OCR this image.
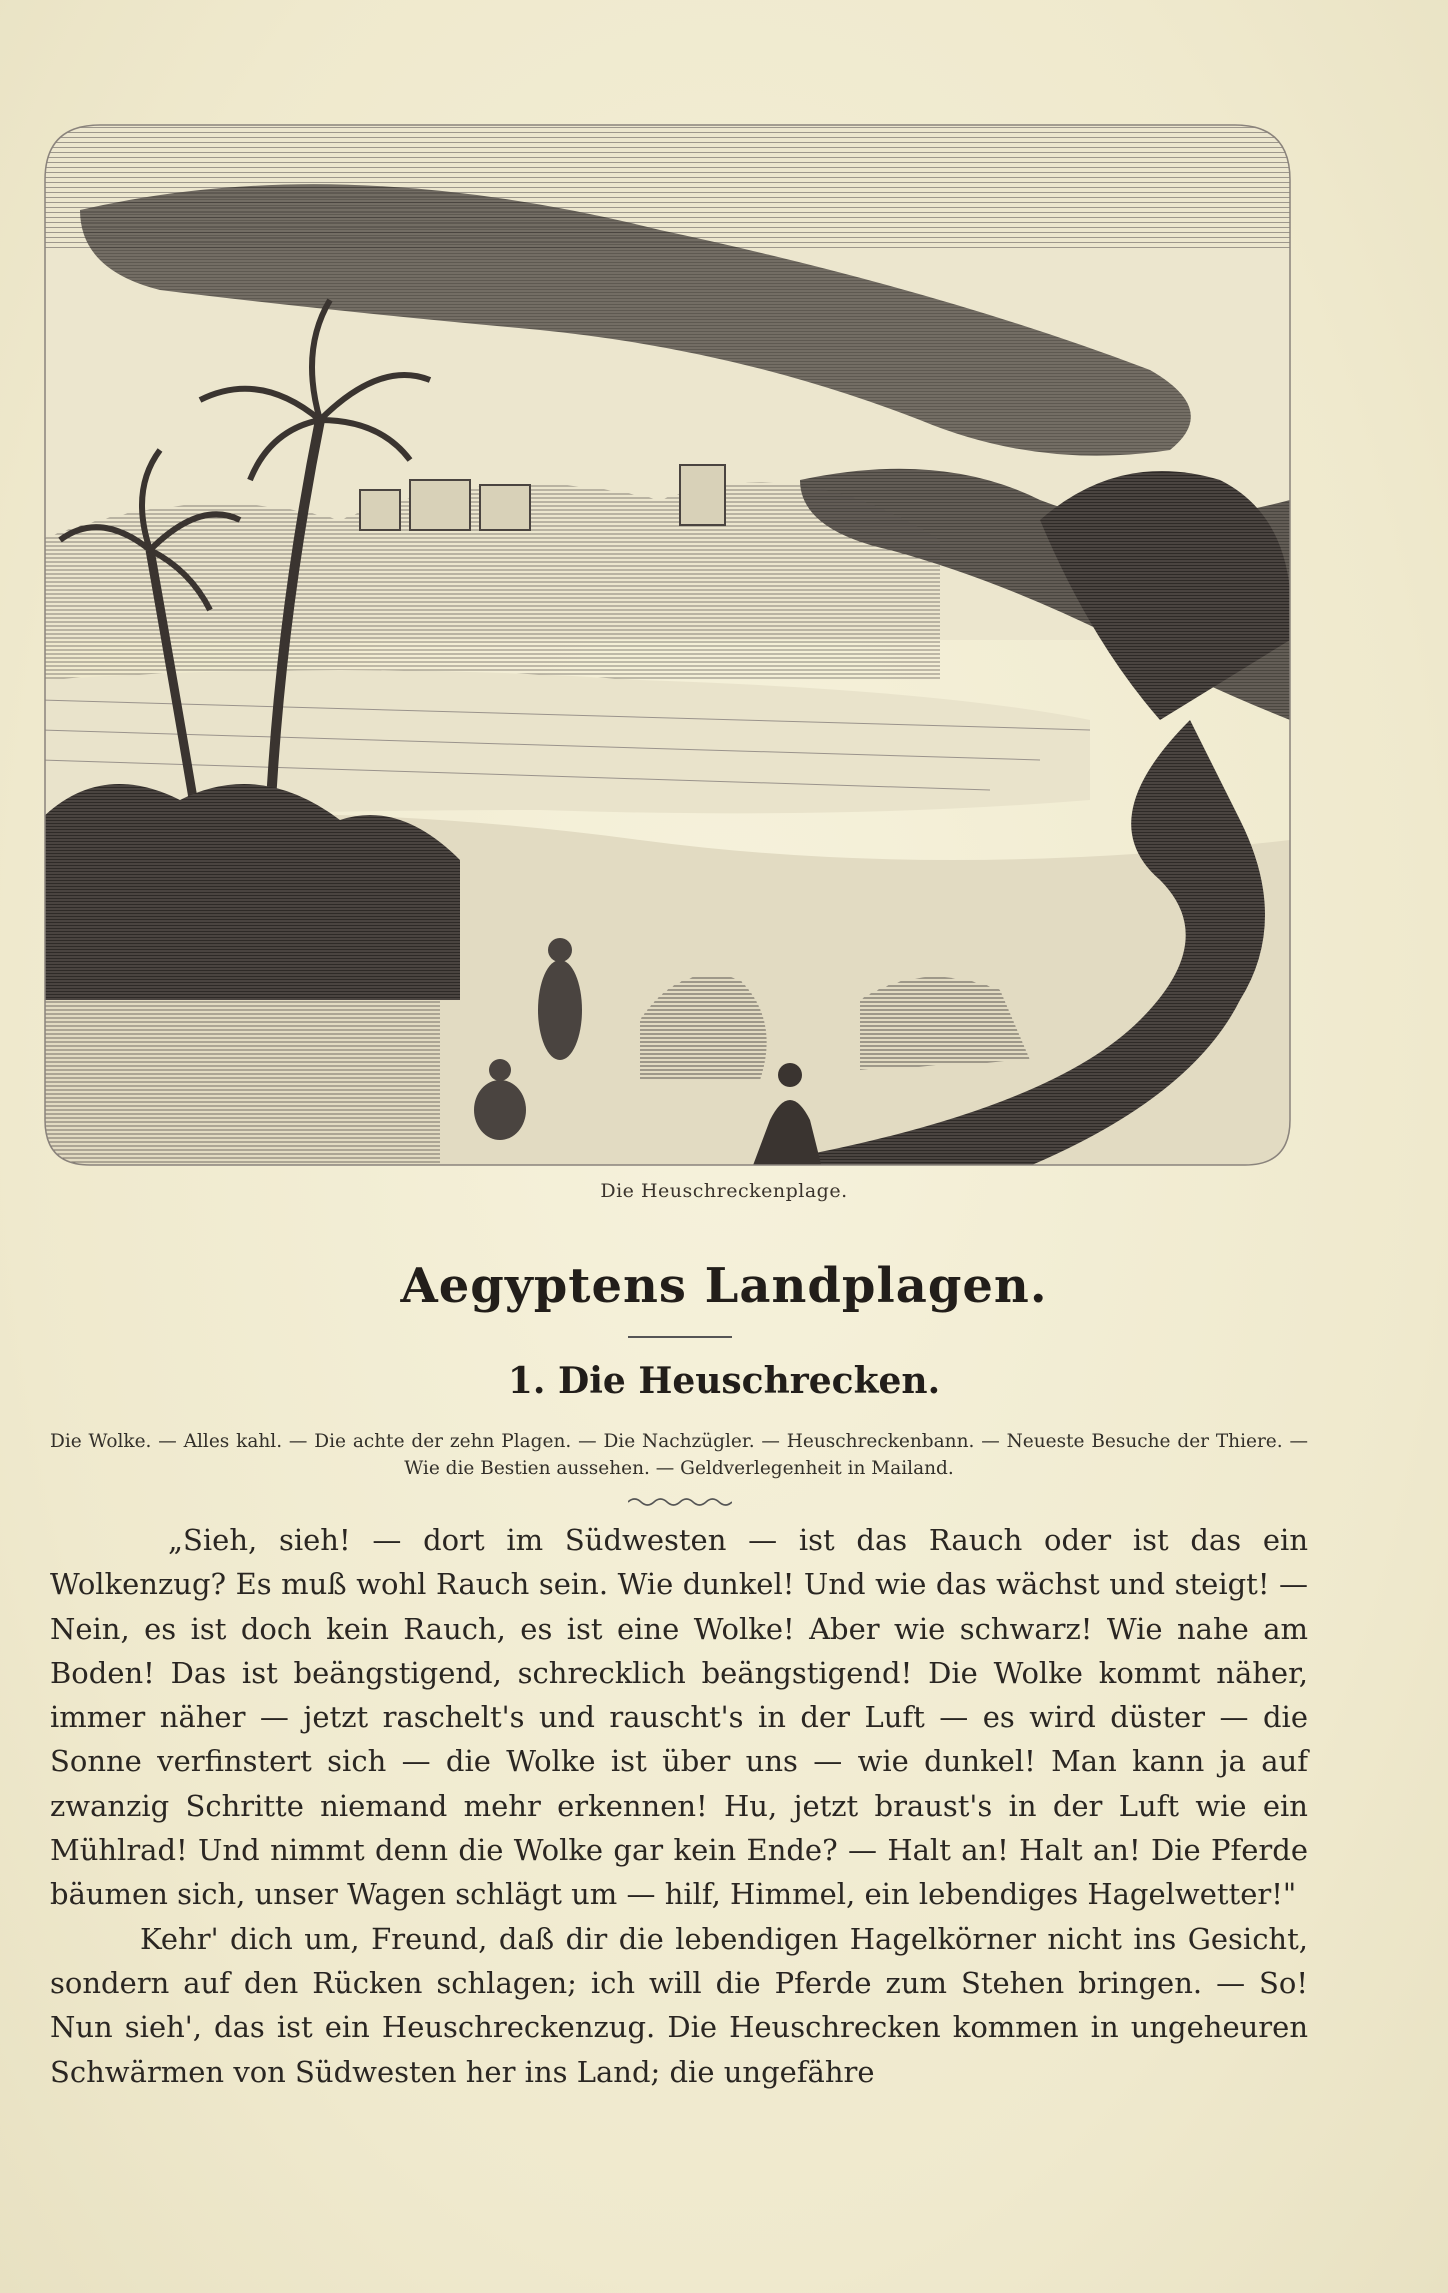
Die Heuschreckenplage.
Aegyptens Landplagen.
1. Die Heuschrecken.
Die Wolke. — Alles kahl. — Die achte der zehn Plagen. — Die Nachzügler. — Heuschreckenbann. — Neueste Besuche der Thiere. — Wie die Bestien aussehen. — Geldverlegenheit in Mailand.

„Sieh, sieh! — dort im Südwesten — ist das Rauch oder ist das ein Wolkenzug? Es muß wohl Rauch sein. Wie dunkel! Und wie das wächst und steigt! — Nein, es ist doch kein Rauch, es ist eine Wolke! Aber wie schwarz! Wie nahe am Boden! Das ist beängstigend, schrecklich beängstigend! Die Wolke kommt näher, immer näher — jetzt raschelt's und rauscht's in der Luft — es wird düster — die Sonne verfinstert sich — die Wolke ist über uns — wie dunkel! Man kann ja auf zwanzig Schritte niemand mehr erkennen! Hu, jetzt braust's in der Luft wie ein Mühlrad! Und nimmt denn die Wolke gar kein Ende? — Halt an! Halt an! Die Pferde bäumen sich, unser Wagen schlägt um — hilf, Himmel, ein lebendiges Hagelwetter!"

Kehr' dich um, Freund, daß dir die lebendigen Hagelkörner nicht ins Gesicht, sondern auf den Rücken schlagen; ich will die Pferde zum Stehen bringen. — So! Nun sieh', das ist ein Heuschreckenzug. Die Heuschrecken kommen in ungeheuren Schwärmen von Südwesten her ins Land; die ungefähre
